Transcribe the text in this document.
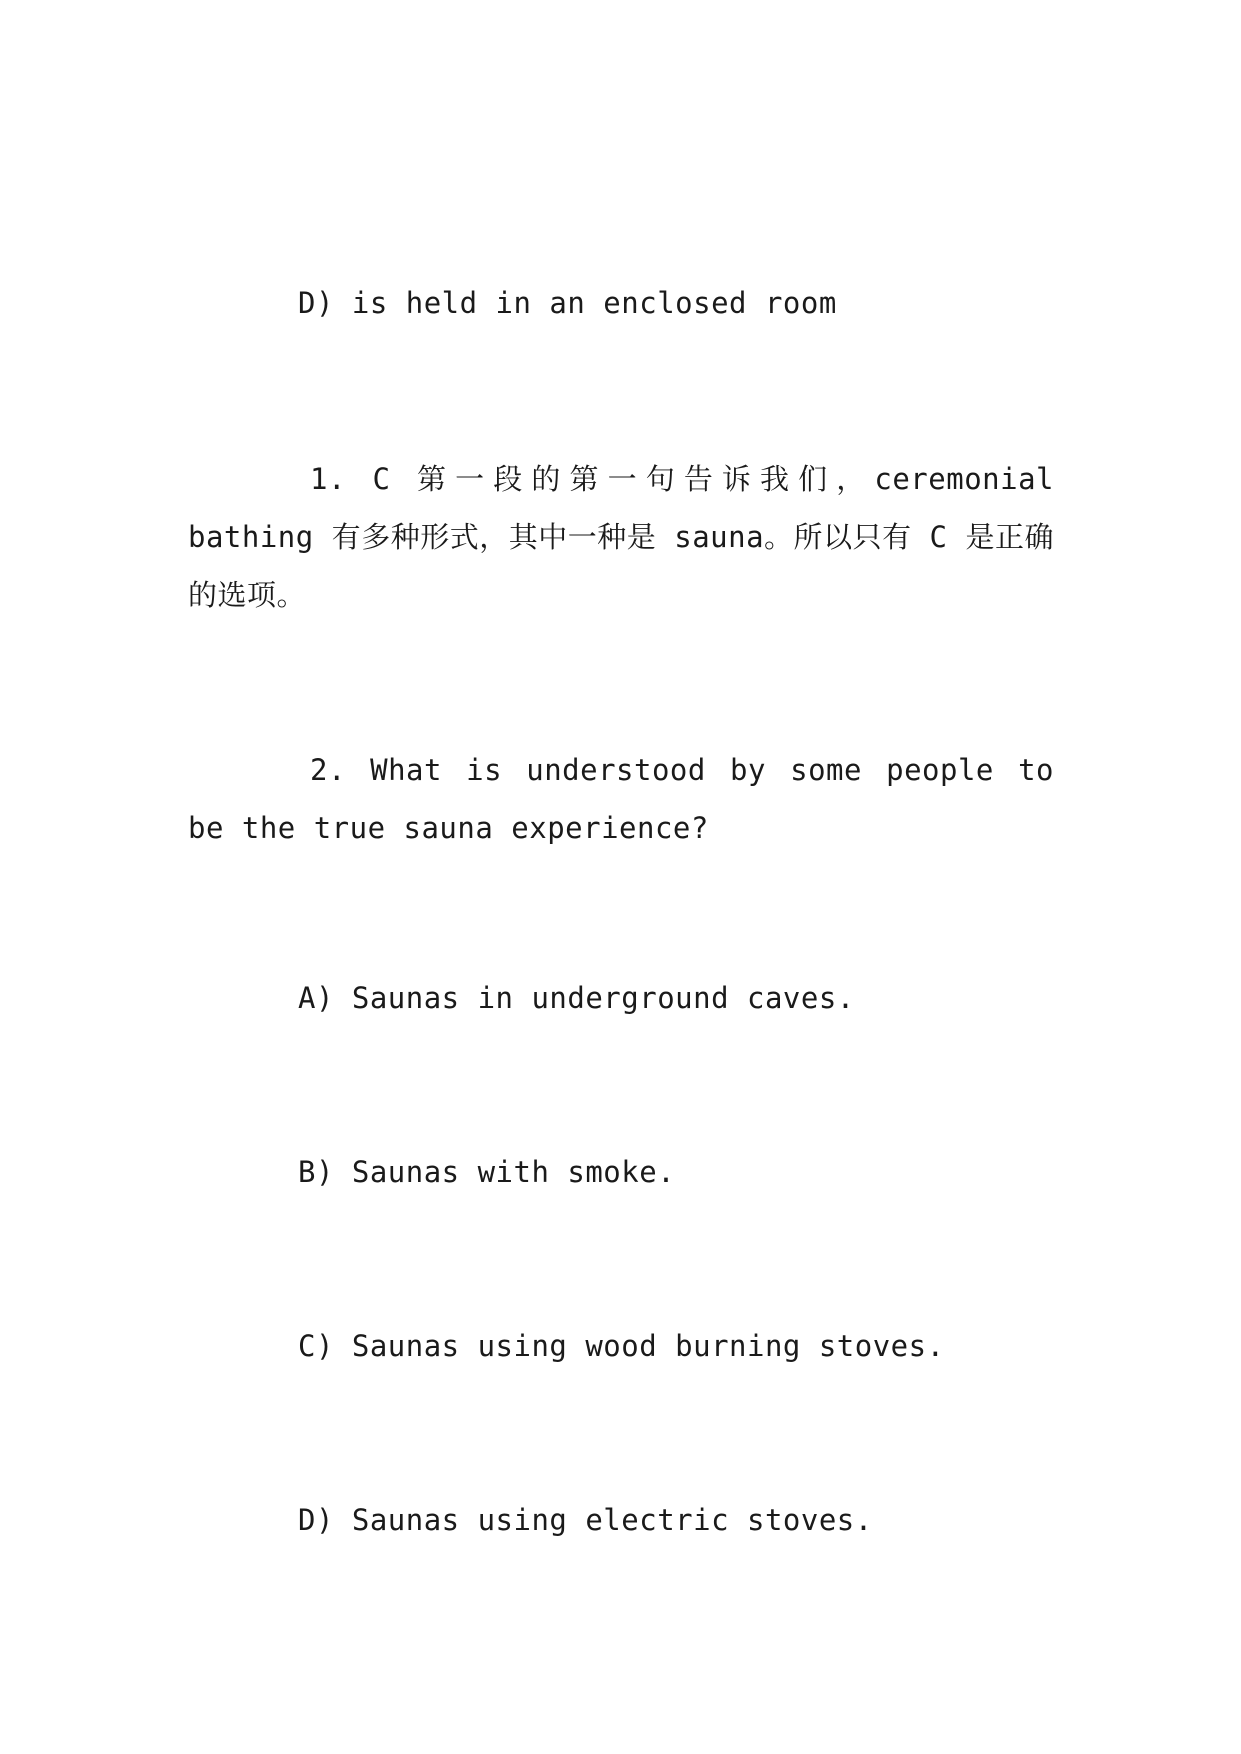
D) is held in an enclosed room
1. C 第一段的第一句告诉我们，ceremonial bathing 有多种形式，其中一种是 sauna。所以只有 C 是正确的选项。
2. What is understood by some people to be the true sauna experience?
A) Saunas in underground caves.
B) Saunas with smoke.
C) Saunas using wood burning stoves.
D) Saunas using electric stoves.
